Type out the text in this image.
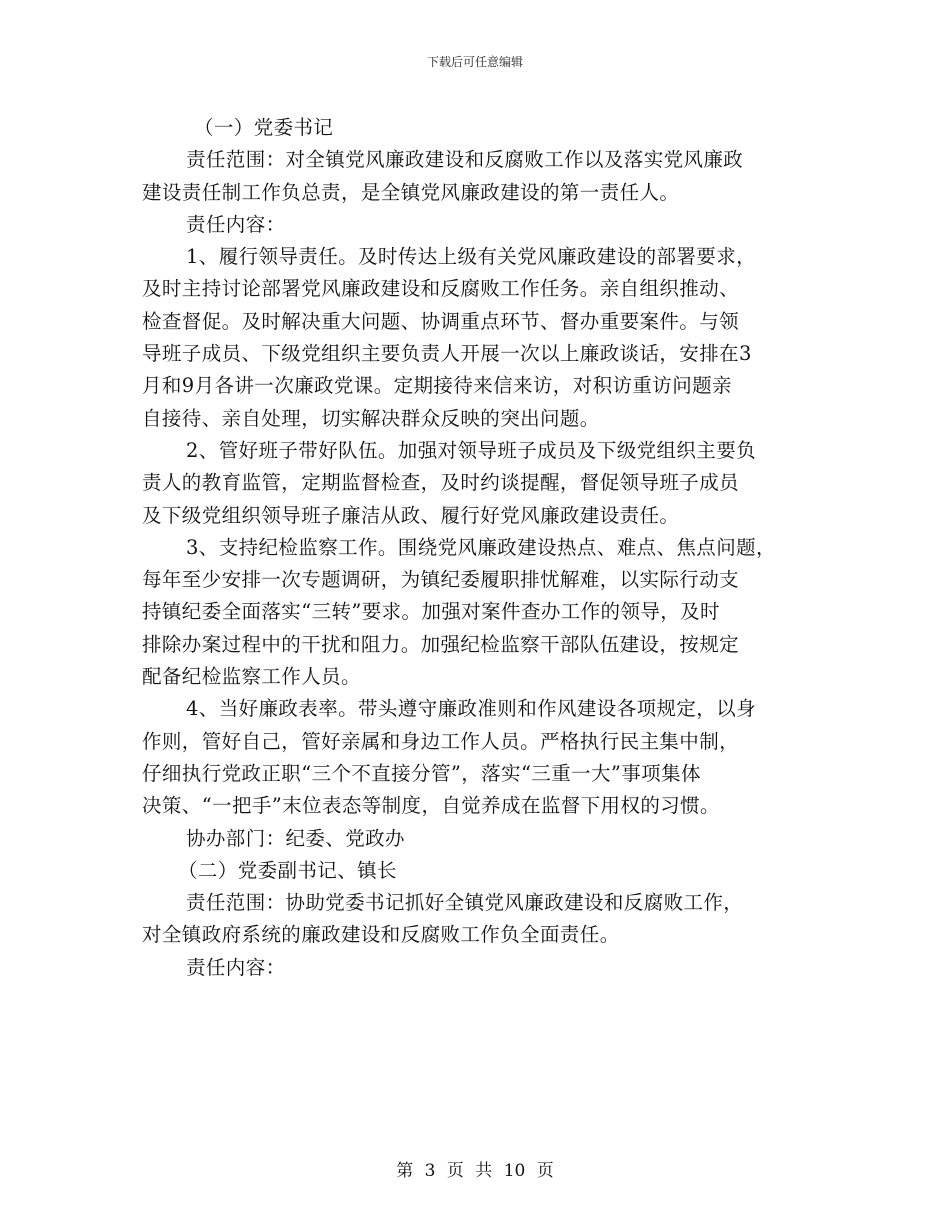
下载后可任意编辑
（一）党委书记
责任范围：对全镇党风廉政建设和反腐败工作以及落实党风廉政
建设责任制工作负总责，是全镇党风廉政建设的第一责任人。
责任内容：
1、履行领导责任。及时传达上级有关党风廉政建设的部署要求，
及时主持讨论部署党风廉政建设和反腐败工作任务。亲自组织推动、
检查督促。及时解决重大问题、协调重点环节、督办重要案件。与领
导班子成员、下级党组织主要负责人开展一次以上廉政谈话，安排在3
月和9月各讲一次廉政党课。定期接待来信来访，对积访重访问题亲
自接待、亲自处理，切实解决群众反映的突出问题。
2、管好班子带好队伍。加强对领导班子成员及下级党组织主要负
责人的教育监管，定期监督检查，及时约谈提醒，督促领导班子成员
及下级党组织领导班子廉洁从政、履行好党风廉政建设责任。
3、支持纪检监察工作。围绕党风廉政建设热点、难点、焦点问题，
每年至少安排一次专题调研，为镇纪委履职排忧解难，以实际行动支
持镇纪委全面落实“三转”要求。加强对案件查办工作的领导，及时
排除办案过程中的干扰和阻力。加强纪检监察干部队伍建设，按规定
配备纪检监察工作人员。
4、当好廉政表率。带头遵守廉政准则和作风建设各项规定，以身
作则，管好自己，管好亲属和身边工作人员。严格执行民主集中制，
仔细执行党政正职“三个不直接分管”，落实“三重一大”事项集体
决策、“一把手”末位表态等制度，自觉养成在监督下用权的习惯。
协办部门：纪委、党政办
（二）党委副书记、镇长
责任范围：协助党委书记抓好全镇党风廉政建设和反腐败工作，
对全镇政府系统的廉政建设和反腐败工作负全面责任。
责任内容：
第 3 页 共 10 页
